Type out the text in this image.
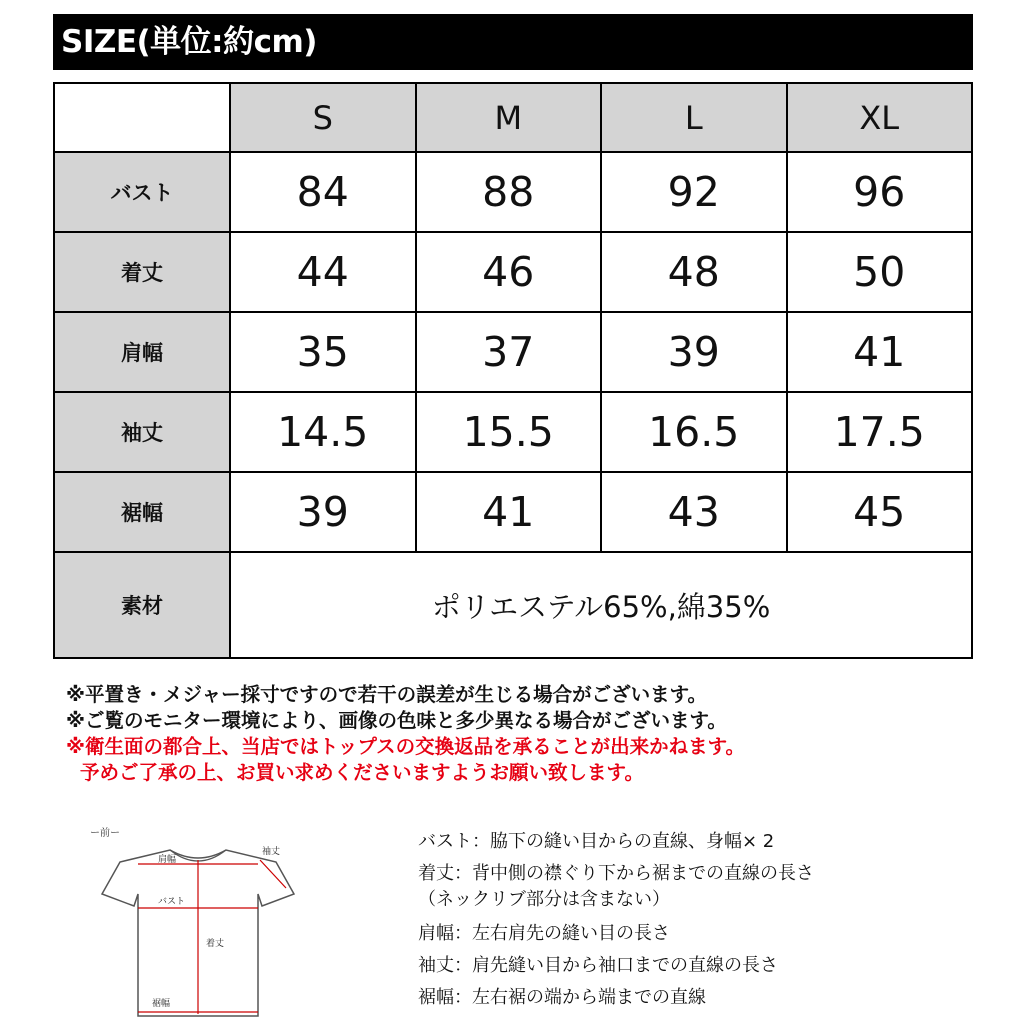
SIZE(単位:約cm)
	S	M	L	XL
バスト	84	88	92	96
着丈	44	46	48	50
肩幅	35	37	39	41
袖丈	14.5	15.5	16.5	17.5
裾幅	39	41	43	45
素材	ポリエステル65%,綿35%			
※平置き・メジャー採寸ですので若干の誤差が生じる場合がございます。
※ご覧のモニター環境により、画像の色味と多少異なる場合がございます。
※衛生面の都合上、当店ではトップスの交換返品を承ることが出来かねます。
予めご了承の上、お買い求めくださいますようお願い致します。
ー前ー
肩幅
袖丈
バスト
着丈
裾幅
バスト：脇下の縫い目からの直線、身幅× 2
着丈：背中側の襟ぐり下から裾までの直線の長さ
（ネックリブ部分は含まない）
肩幅：左右肩先の縫い目の長さ
袖丈：肩先縫い目から袖口までの直線の長さ
裾幅：左右裾の端から端までの直線
